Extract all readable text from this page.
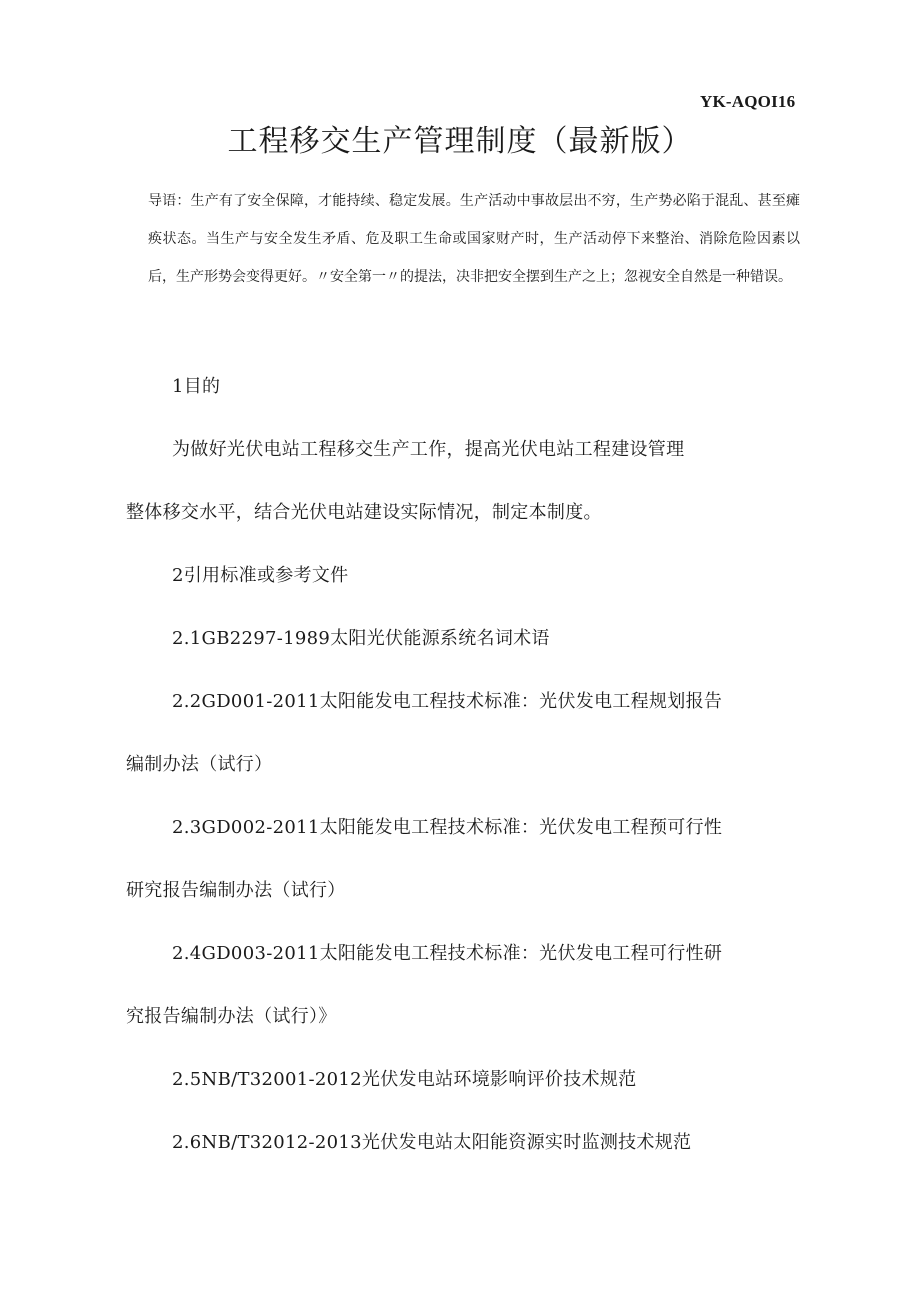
YK-AQOI16
工程移交生产管理制度（最新版）

导语：生产有了安全保障，才能持续、稳定发展。生产活动中事故层出不穷，生产势必陷于混乱、甚至瘫痪状态。当生产与安全发生矛盾、危及职工生命或国家财产时，生产活动停下来整治、消除危险因素以后，生产形势会变得更好。〃安全第一〃的提法，决非把安全摆到生产之上；忽视安全自然是一种错误。

1目的

为做好光伏电站工程移交生产工作，提高光伏电站工程建设管理

整体移交水平，结合光伏电站建设实际情况，制定本制度。

2引用标准或参考文件

2.1GB2297-1989太阳光伏能源系统名词术语

2.2GD001-2011太阳能发电工程技术标准：光伏发电工程规划报告

编制办法（试行）

2.3GD002-2011太阳能发电工程技术标准：光伏发电工程预可行性

研究报告编制办法（试行）

2.4GD003-2011太阳能发电工程技术标准：光伏发电工程可行性研

究报告编制办法（试行）》

2.5NB/T32001-2012光伏发电站环境影响评价技术规范

2.6NB/T32012-2013光伏发电站太阳能资源实时监测技术规范
